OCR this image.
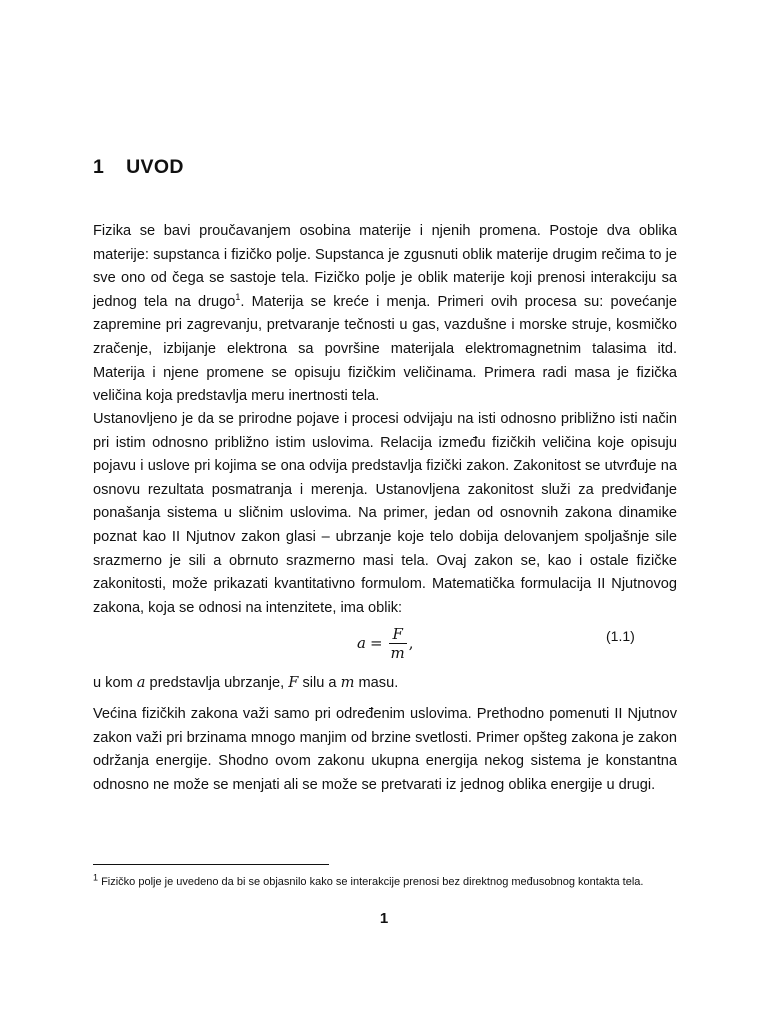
1 UVOD

Fizika se bavi proučavanjem osobina materije i njenih promena. Postoje dva oblika materije: supstanca i fizičko polje. Supstanca je zgusnuti oblik materije drugim rečima to je sve ono od čega se sastoje tela. Fizičko polje je oblik materije koji prenosi interakciju sa jednog tela na drugo$^1$. Materija se kreće i menja. Primeri ovih procesa su: povećanje zapremine pri zagrevanju, pretvaranje tečnosti u gas, vazdušne i morske struje, kosmičko zračenje, izbijanje elektrona sa površine materijala elektromagnetnim talasima itd. Materija i njene promene se opisuju fizičkim veličinama. Primera radi masa je fizička veličina koja predstavlja meru inertnosti tela.

Ustanovljeno je da se prirodne pojave i procesi odvijaju na isti odnosno približno isti način pri istim odnosno približno istim uslovima. Relacija između fizičkih veličina koje opisuju pojavu i uslove pri kojima se ona odvija predstavlja fizički zakon. Zakonitost se utvrđuje na osnovu rezultata posmatranja i merenja. Ustanovljena zakonitost služi za predviđanje ponašanja sistema u sličnim uslovima. Na primer, jedan od osnovnih zakona dinamike poznat kao II Njutnov zakon glasi – ubrzanje koje telo dobija delovanjem spoljašnje sile srazmerno je sili a obrnuto srazmerno masi tela. Ovaj zakon se, kao i ostale fizičke zakonitosti, može prikazati kvantitativno formulom. Matematička formulacija II Njutnovog zakona, koja se odnosi na intenzitete, ima oblik:

$a = \frac{F}{m}$ ,	(1.1)

u kom a predstavlja ubrzanje, F silu a m masu.

Većina fizičkih zakona važi samo pri određenim uslovima. Prethodno pomenuti II Njutnov zakon važi pri brzinama mnogo manjim od brzine svetlosti. Primer opšteg zakona je zakon održanja energije. Shodno ovom zakonu ukupna energija nekog sistema je konstantna odnosno ne može se menjati ali se može se pretvarati iz jednog oblika energije u drugi.

$^1$ Fizičko polje je uvedeno da bi se objasnilo kako se interakcije prenosi bez direktnog međusobnog kontakta tela.

1
